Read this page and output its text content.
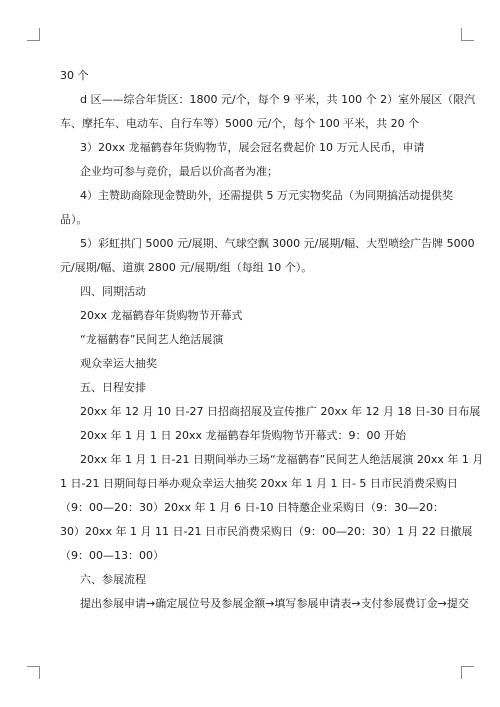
30 个
d 区——综合年货区：1800 元/个，每个 9 平米，共 100 个 2）室外展区（限汽
车、摩托车、电动车、自行车等）5000 元/个，每个 100 平米，共 20 个
3）20xx 龙福鹤春年货购物节，展会冠名费起价 10 万元人民币，申请
企业均可参与竞价，最后以价高者为准；
4）主赞助商除现金赞助外，还需提供 5 万元实物奖品（为同期搞活动提供奖
品）。
5）彩虹拱门 5000 元/展期、气球空飘 3000 元/展期/幅、大型喷绘广告牌 5000
元/展期/幅、道旗 2800 元/展期/组（每组 10 个）。
四、同期活动
20xx 龙福鹤春年货购物节开幕式
“龙福鹤春”民间艺人绝活展演
观众幸运大抽奖
五、日程安排
20xx 年 12 月 10 日-27 日招商招展及宣传推广 20xx 年 12 月 18 日-30 日布展
20xx 年 1 月 1 日 20xx 龙福鹤春年货购物节开幕式：9：00 开始
20xx 年 1 月 1 日-21 日期间举办三场“龙福鹤春”民间艺人绝活展演 20xx 年 1 月
1 日-21 日期间每日举办观众幸运大抽奖 20xx 年 1 月 1 日- 5 日市民消费采购日
（9：00—20：30）20xx 年 1 月 6 日-10 日特邀企业采购日（9：30—20：
30）20xx 年 1 月 11 日-21 日市民消费采购日（9：00—20：30）1 月 22 日撤展
（9：00—13：00）
六、参展流程
提出参展申请→确定展位号及参展金额→填写参展申请表→支付参展费订金→提交
